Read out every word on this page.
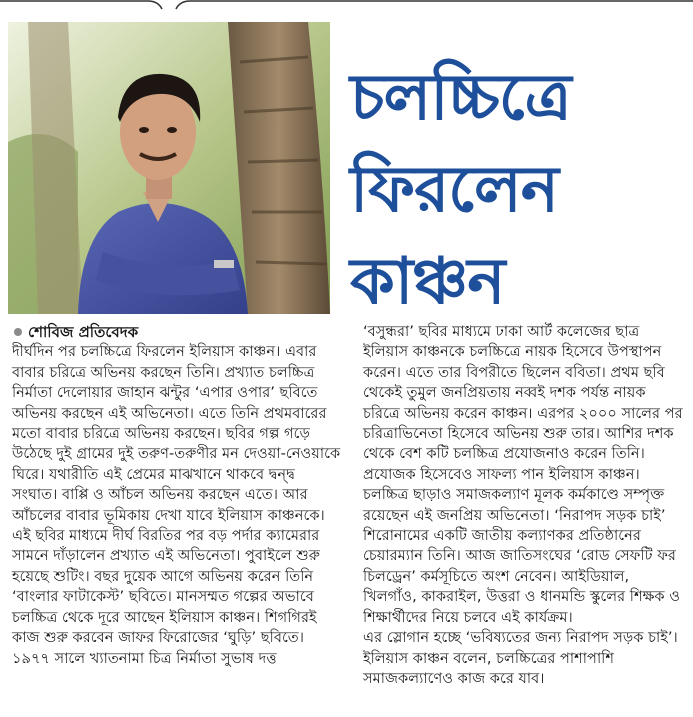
চলচ্চিত্রে
ফিরলেন
কাঞ্চন
শোবিজ প্রতিবেদক

দীর্ঘদিন পর চলচ্চিত্রে ফিরলেন ইলিয়াস কাঞ্চন। এবার বাবার চরিত্রে অভিনয় করছেন তিনি। প্রখ্যাত চলচ্চিত্র নির্মাতা দেলোয়ার জাহান ঝন্টুর ‘এপার ওপার’ ছবিতে অভিনয় করছেন এই অভিনেতা। এতে তিনি প্রথমবারের মতো বাবার চরিত্রে অভিনয় করছেন। ছবির গল্প গড়ে উঠেছে দুই গ্রামের দুই তরুণ-তরুণীর মন দেওয়া-নেওয়াকে ঘিরে। যথারীতি এই প্রেমের মাঝখানে থাকবে দ্বন্দ্ব সংঘাত। বাপ্পি ও আঁচল অভিনয় করছেন এতে। আর আঁচলের বাবার ভূমিকায় দেখা যাবে ইলিয়াস কাঞ্চনকে।

এই ছবির মাধ্যমে দীর্ঘ বিরতির পর বড় পর্দার ক্যামেরার সামনে দাঁড়ালেন প্রখ্যাত এই অভিনেতা। পুবাইলে শুরু হয়েছে শুটিং। বছর দুয়েক আগে অভিনয় করেন তিনি ‘বাংলার ফাটাকেস্ট’ ছবিতে। মানসম্মত গল্পের অভাবে চলচ্চিত্র থেকে দূরে আছেন ইলিয়াস কাঞ্চন। শিগগিরই কাজ শুরু করবেন জাফর ফিরোজের ‘ঘুড়ি’ ছবিতে।

১৯৭৭ সালে খ্যাতনামা চিত্র নির্মাতা সুভাষ দত্ত

‘বসুন্ধরা’ ছবির মাধ্যমে ঢাকা আর্ট কলেজের ছাত্র ইলিয়াস কাঞ্চনকে চলচ্চিত্রে নায়ক হিসেবে উপস্থাপন করেন। এতে তার বিপরীতে ছিলেন ববিতা। প্রথম ছবি থেকেই তুমুল জনপ্রিয়তায় নব্বই দশক পর্যন্ত নায়ক চরিত্রে অভিনয় করেন কাঞ্চন। এরপর ২০০০ সালের পর চরিত্রাভিনেতা হিসেবে অভিনয় শুরু তার। আশির দশক থেকে বেশ কটি চলচ্চিত্র প্রযোজনাও করেন তিনি। প্রযোজক হিসেবেও সাফল্য পান ইলিয়াস কাঞ্চন।

চলচ্চিত্র ছাড়াও সমাজকল্যাণ মূলক কর্মকাণ্ডে সম্পৃক্ত রয়েছেন এই জনপ্রিয় অভিনেতা। ‘নিরাপদ সড়ক চাই’ শিরোনামের একটি জাতীয় কল্যাণকর প্রতিষ্ঠানের চেয়ারম্যান তিনি। আজ জাতিসংঘের ‘রোড সেফটি ফর চিলড্রেন’ কর্মসূচিতে অংশ নেবেন। আইডিয়াল, খিলগাঁও, কাকরাইল, উত্তরা ও ধানমন্ডি স্কুলের শিক্ষক ও শিক্ষার্থীদের নিয়ে চলবে এই কার্যক্রম।

এর স্লোগান হচ্ছে ‘ভবিষ্যতের জন্য নিরাপদ সড়ক চাই’। ইলিয়াস কাঞ্চন বলেন, চলচ্চিত্রের পাশাপাশি সমাজকল্যাণেও কাজ করে যাব।
